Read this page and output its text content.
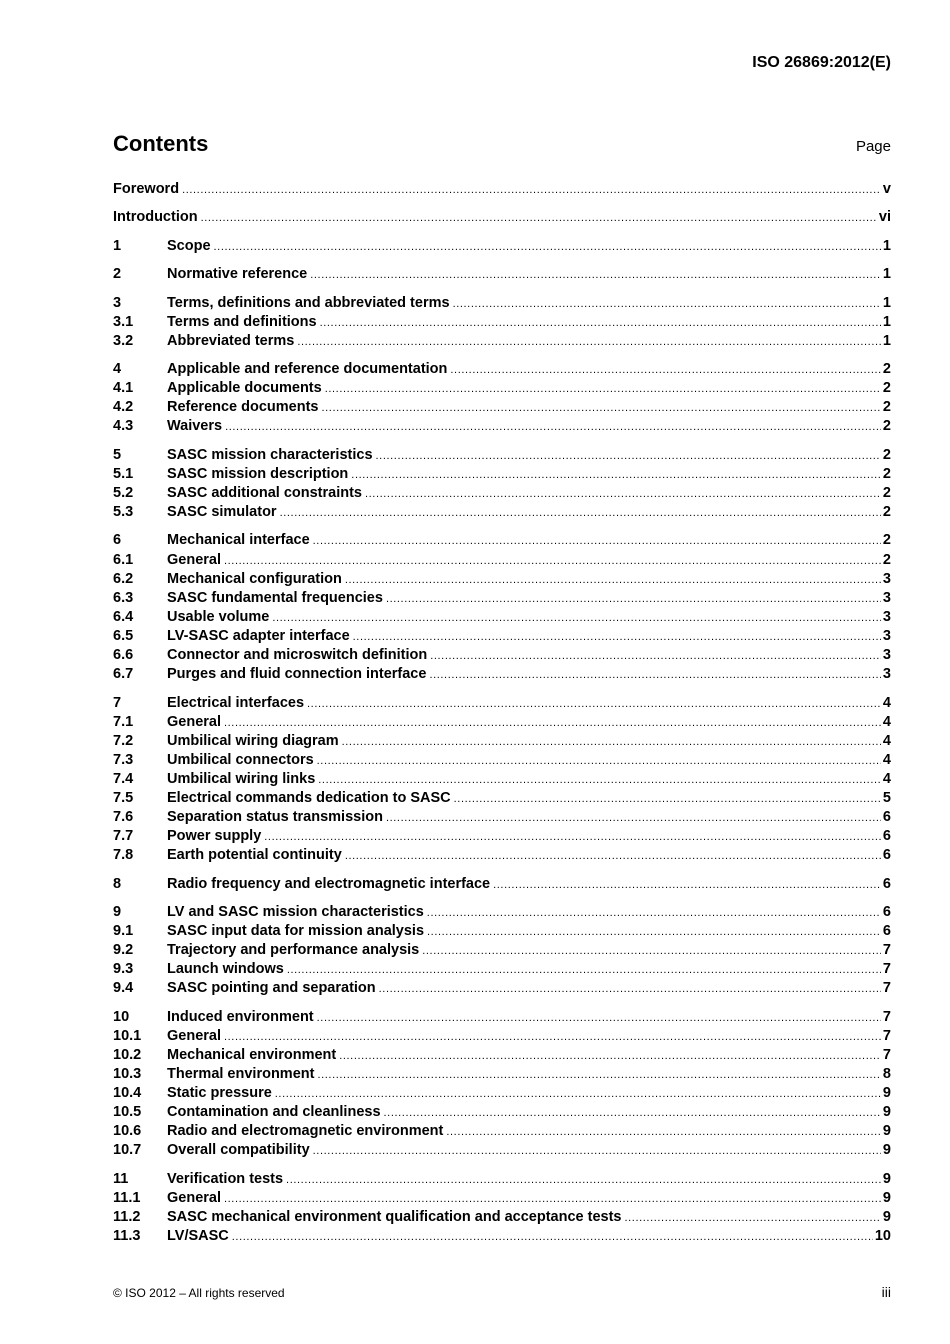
ISO 26869:2012(E)
Contents	Page
Foreword .....	v
Introduction .....	vi
1	Scope .....	1
2	Normative reference .....	1
3	Terms, definitions and abbreviated terms .....	1
3.1	Terms and definitions .....	1
3.2	Abbreviated terms .....	1
4	Applicable and reference documentation .....	2
4.1	Applicable documents .....	2
4.2	Reference documents .....	2
4.3	Waivers .....	2
5	SASC mission characteristics .....	2
5.1	SASC mission description .....	2
5.2	SASC additional constraints .....	2
5.3	SASC simulator .....	2
6	Mechanical interface .....	2
6.1	General .....	2
6.2	Mechanical configuration .....	3
6.3	SASC fundamental frequencies .....	3
6.4	Usable volume .....	3
6.5	LV-SASC adapter interface .....	3
6.6	Connector and microswitch definition .....	3
6.7	Purges and fluid connection interface .....	3
7	Electrical interfaces .....	4
7.1	General .....	4
7.2	Umbilical wiring diagram .....	4
7.3	Umbilical connectors .....	4
7.4	Umbilical wiring links .....	4
7.5	Electrical commands dedication to SASC .....	5
7.6	Separation status transmission .....	6
7.7	Power supply .....	6
7.8	Earth potential continuity .....	6
8	Radio frequency and electromagnetic interface .....	6
9	LV and SASC mission characteristics .....	6
9.1	SASC input data for mission analysis .....	6
9.2	Trajectory and performance analysis .....	7
9.3	Launch windows .....	7
9.4	SASC pointing and separation .....	7
10	Induced environment .....	7
10.1	General .....	7
10.2	Mechanical environment .....	7
10.3	Thermal environment .....	8
10.4	Static pressure .....	9
10.5	Contamination and cleanliness .....	9
10.6	Radio and electromagnetic environment .....	9
10.7	Overall compatibility .....	9
11	Verification tests .....	9
11.1	General .....	9
11.2	SASC mechanical environment qualification and acceptance tests .....	9
11.3	LV/SASC .....	10
© ISO 2012 – All rights reserved	iii
